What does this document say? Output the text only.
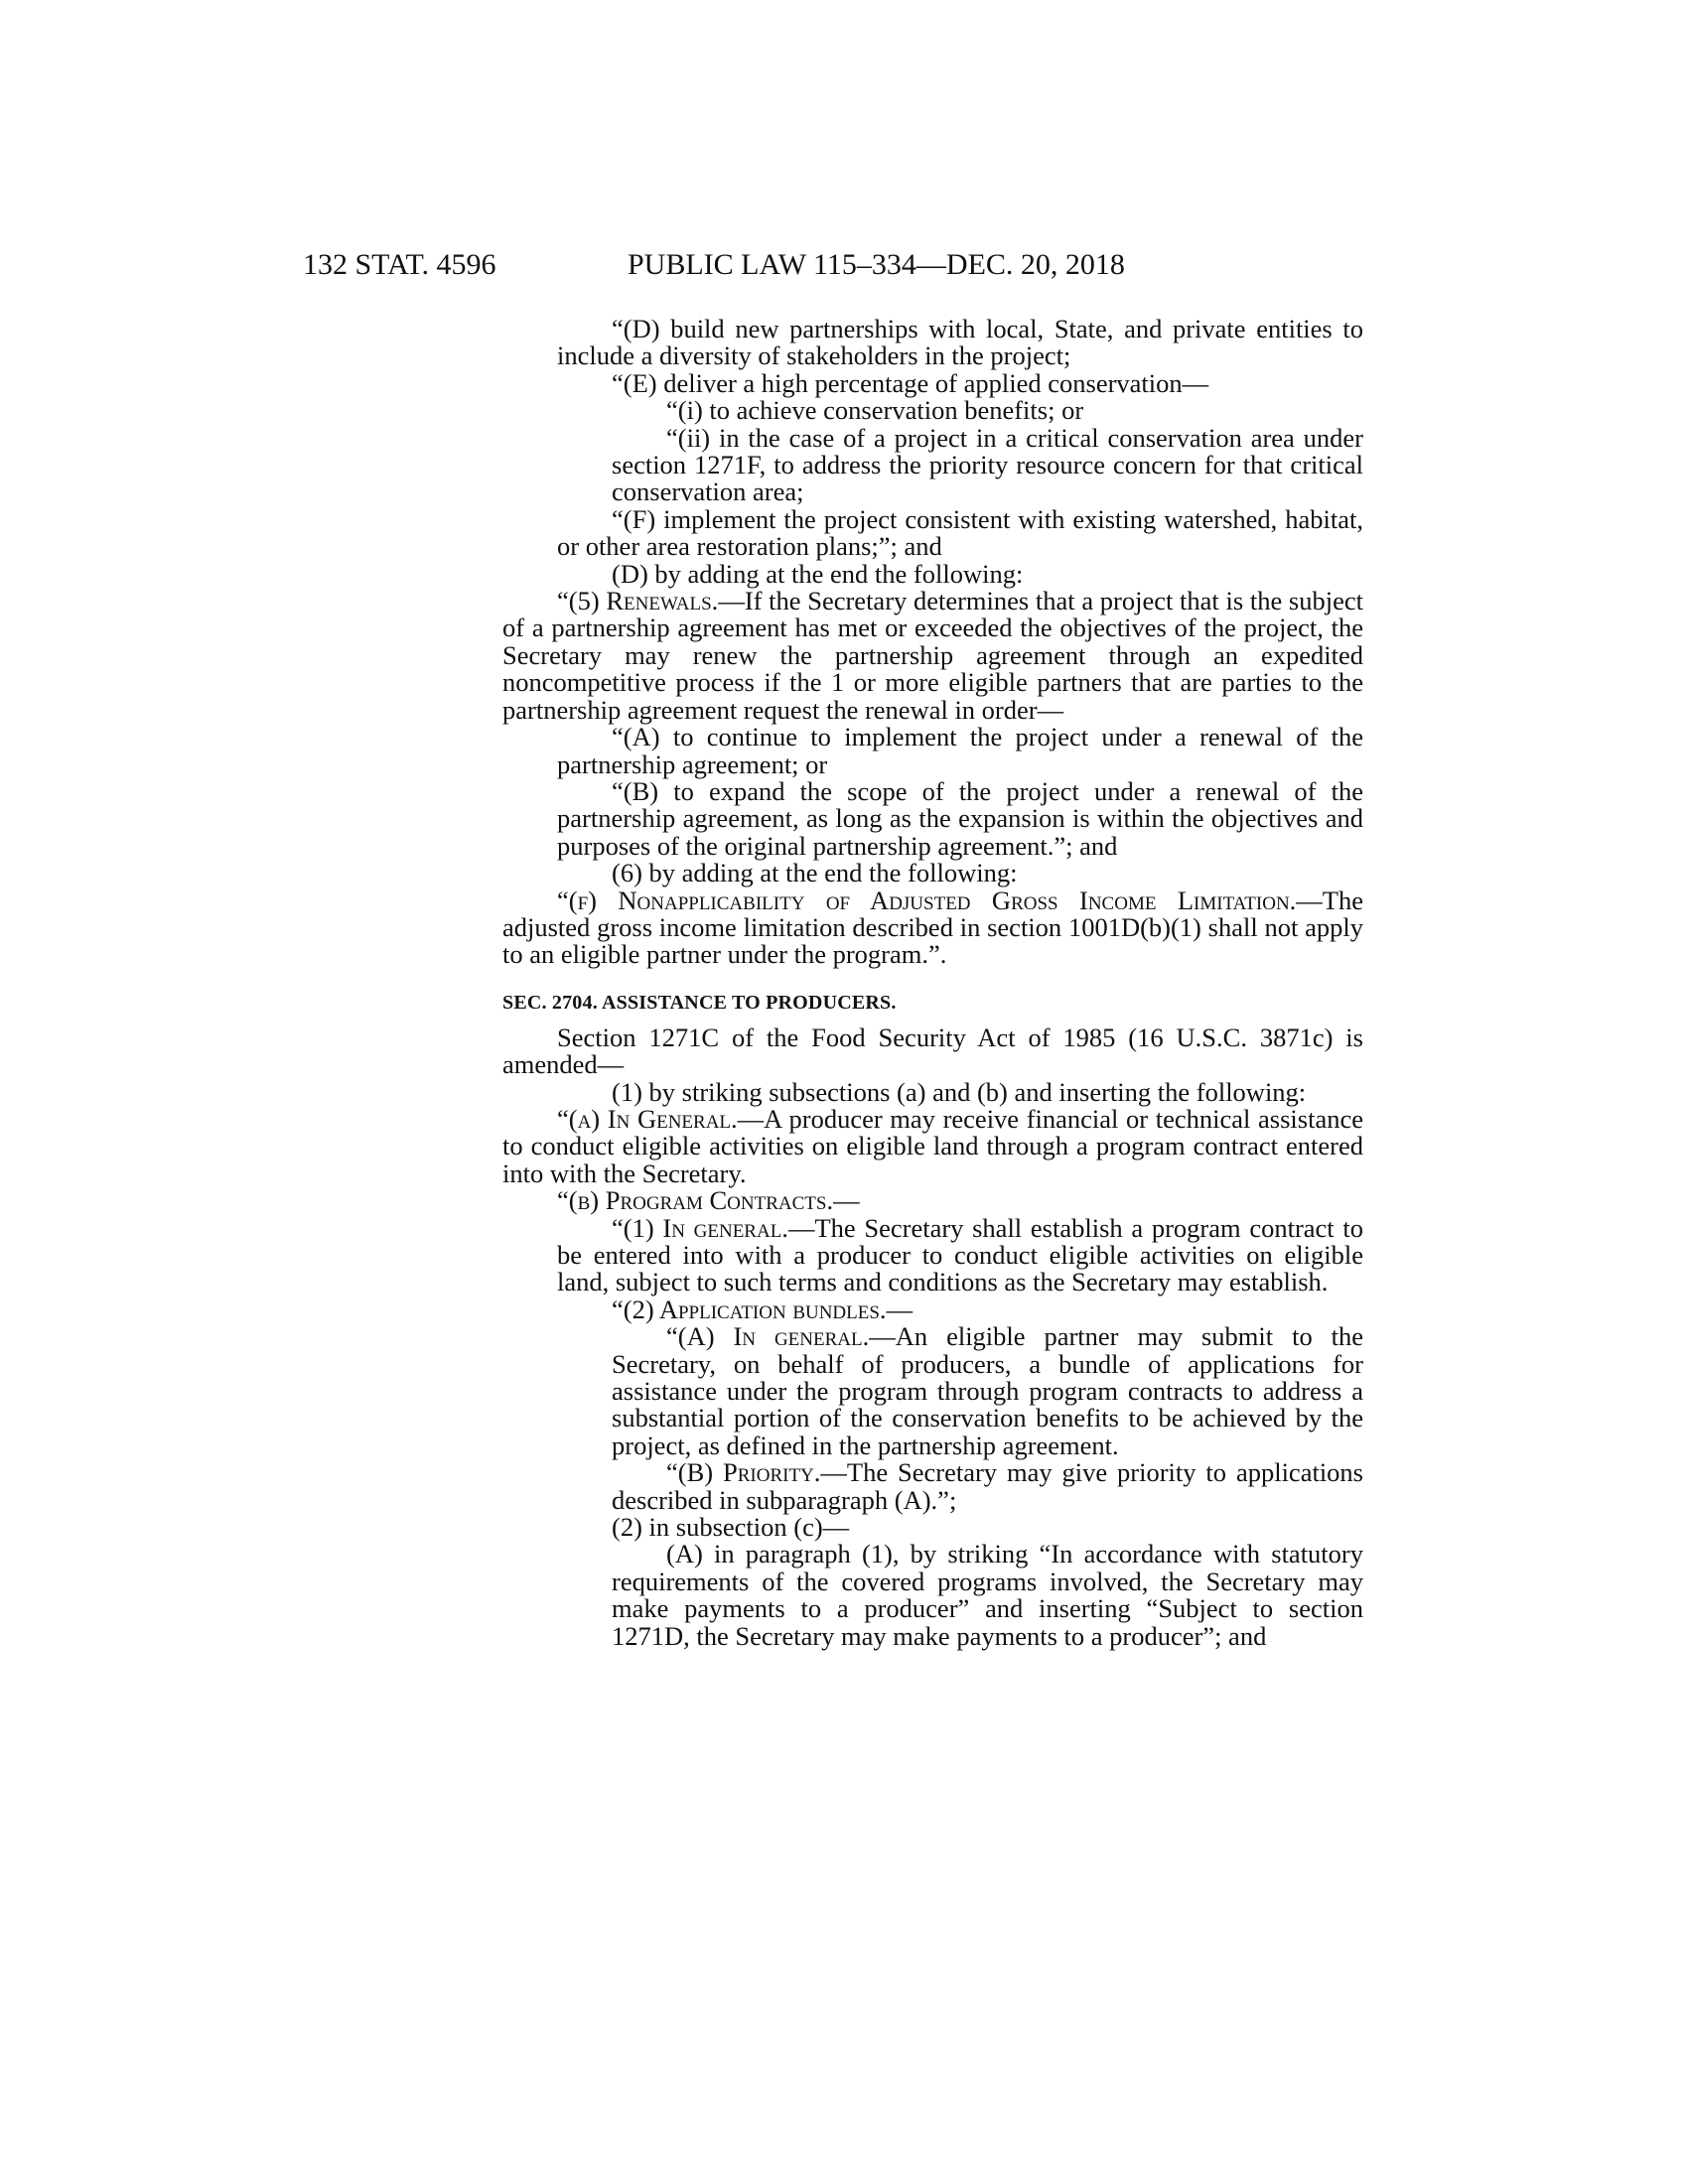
132 STAT. 4596	PUBLIC LAW 115–334—DEC. 20, 2018

“(D) build new partnerships with local, State, and private entities to include a diversity of stakeholders in the project;

“(E) deliver a high percentage of applied conservation—

“(i) to achieve conservation benefits; or

“(ii) in the case of a project in a critical conservation area under section 1271F, to address the priority resource concern for that critical conservation area;

“(F) implement the project consistent with existing watershed, habitat, or other area restoration plans;”; and

(D) by adding at the end the following:

“(5) Renewals.—If the Secretary determines that a project that is the subject of a partnership agreement has met or exceeded the objectives of the project, the Secretary may renew the partnership agreement through an expedited noncompetitive process if the 1 or more eligible partners that are parties to the partnership agreement request the renewal in order—

“(A) to continue to implement the project under a renewal of the partnership agreement; or

“(B) to expand the scope of the project under a renewal of the partnership agreement, as long as the expansion is within the objectives and purposes of the original partnership agreement.”; and

(6) by adding at the end the following:

“(f) Nonapplicability of Adjusted Gross Income Limitation.—The adjusted gross income limitation described in section 1001D(b)(1) shall not apply to an eligible partner under the program.”.

SEC. 2704. ASSISTANCE TO PRODUCERS.

Section 1271C of the Food Security Act of 1985 (16 U.S.C. 3871c) is amended—

(1) by striking subsections (a) and (b) and inserting the following:

“(a) In General.—A producer may receive financial or technical assistance to conduct eligible activities on eligible land through a program contract entered into with the Secretary.

“(b) Program Contracts.—

“(1) In general.—The Secretary shall establish a program contract to be entered into with a producer to conduct eligible activities on eligible land, subject to such terms and conditions as the Secretary may establish.

“(2) Application bundles.—

“(A) In general.—An eligible partner may submit to the Secretary, on behalf of producers, a bundle of applications for assistance under the program through program contracts to address a substantial portion of the conservation benefits to be achieved by the project, as defined in the partnership agreement.

“(B) Priority.—The Secretary may give priority to applications described in subparagraph (A).”;

(2) in subsection (c)—

(A) in paragraph (1), by striking “In accordance with statutory requirements of the covered programs involved, the Secretary may make payments to a producer” and inserting “Subject to section 1271D, the Secretary may make payments to a producer”; and
